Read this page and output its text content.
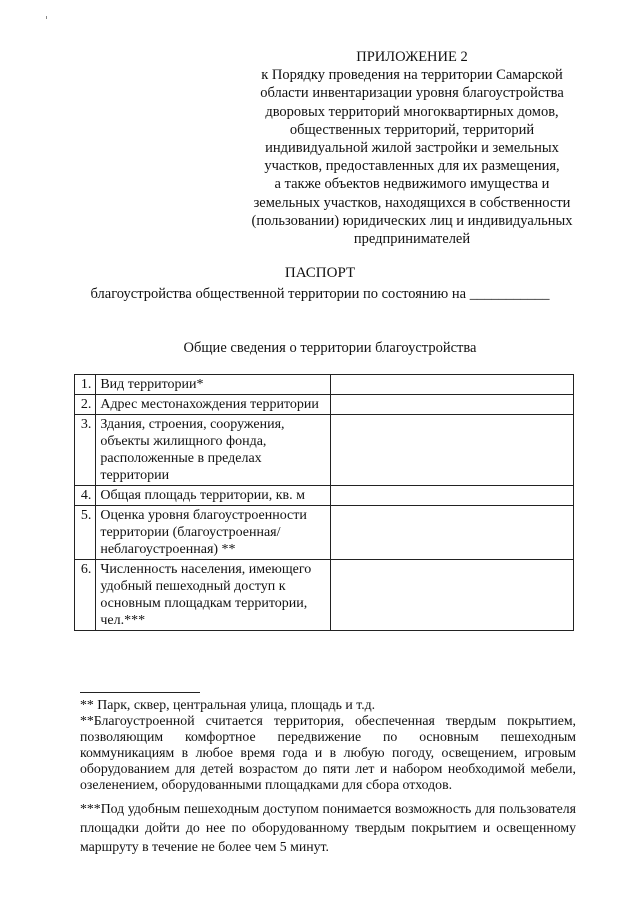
ПРИЛОЖЕНИЕ 2
к Порядку проведения на территории Самарской
области инвентаризации уровня благоустройства
дворовых территорий многоквартирных домов,
общественных территорий, территорий
индивидуальной жилой застройки и земельных
участков, предоставленных для их размещения,
а также объектов недвижимого имущества и
земельных участков, находящихся в собственности
(пользовании) юридических лиц и индивидуальных
предпринимателей
ПАСПОРТ
благоустройства общественной территории по состоянию на ___________
Общие сведения о территории благоустройства
1.	Вид территории*	
2.	Адрес местонахождения территории	
3.	Здания, строения, сооружения, объекты жилищного фонда, расположенные в пределах территории	
4.	Общая площадь территории, кв. м	
5.	Оценка уровня благоустроенности территории (благоустроенная/ неблагоустроенная) **	
6.	Численность населения, имеющего удобный пешеходный доступ к основным площадкам территории, чел.***	

** Парк, сквер, центральная улица, площадь и т.д.

**Благоустроенной считается территория, обеспеченная твердым покрытием, позволяющим комфортное передвижение по основным пешеходным коммуникациям в любое время года и в любую погоду, освещением, игровым оборудованием для детей возрастом до пяти лет и набором необходимой мебели, озеленением, оборудованными площадками для сбора отходов.

***Под удобным пешеходным доступом понимается возможность для пользователя площадки дойти до нее по оборудованному твердым покрытием и освещенному маршруту в течение не более чем 5 минут.
